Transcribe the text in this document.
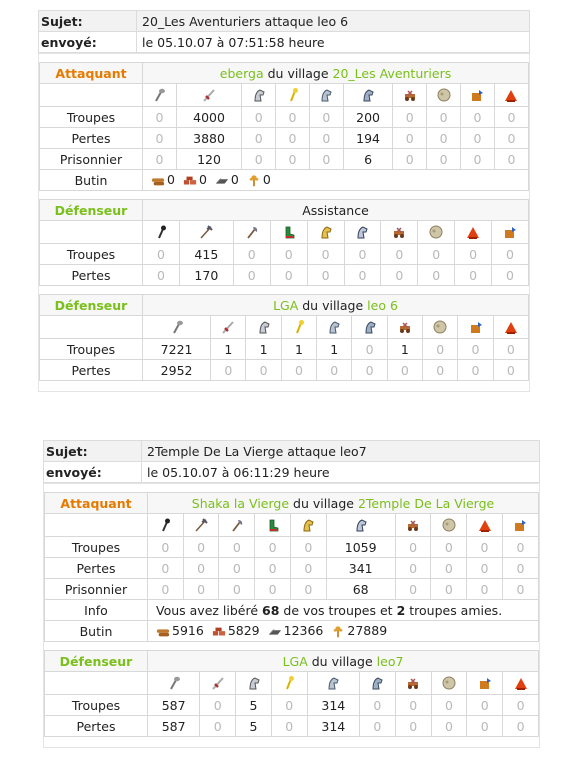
Sujet:	20_Les Aventuriers attaque leo 6
envoyé:	le 05.10.07 à 07:51:58 heure
Attaquant	eberga du village 20_Les Aventuriers									

Troupes	0	4000	0	0	0	200	0	0	0	0
Pertes	0	3880	0	0	0	194	0	0	0	0
Prisonnier	0	120	0	0	0	6	0	0	0	0
Butin	0 0 0 0									
Défenseur	Assistance									

Troupes	0	415	0	0	0	0	0	0	0	0
Pertes	0	170	0	0	0	0	0	0	0	0
Défenseur	LGA du village leo 6									

Troupes	7221	1	1	1	1	0	1	0	0	0
Pertes	2952	0	0	0	0	0	0	0	0	0
Sujet:	2Temple De La Vierge attaque leo7
envoyé:	le 05.10.07 à 06:11:29 heure
Attaquant	Shaka la Vierge du village 2Temple De La Vierge									

Troupes	0	0	0	0	0	1059	0	0	0	0
Pertes	0	0	0	0	0	341	0	0	0	0
Prisonnier	0	0	0	0	0	68	0	0	0	0
Info	Vous avez libéré 68 de vos troupes et 2 troupes amies.									
Butin	5916 5829 12366 27889									
Défenseur	LGA du village leo7									

Troupes	587	0	5	0	314	0	0	0	0	0
Pertes	587	0	5	0	314	0	0	0	0	0
